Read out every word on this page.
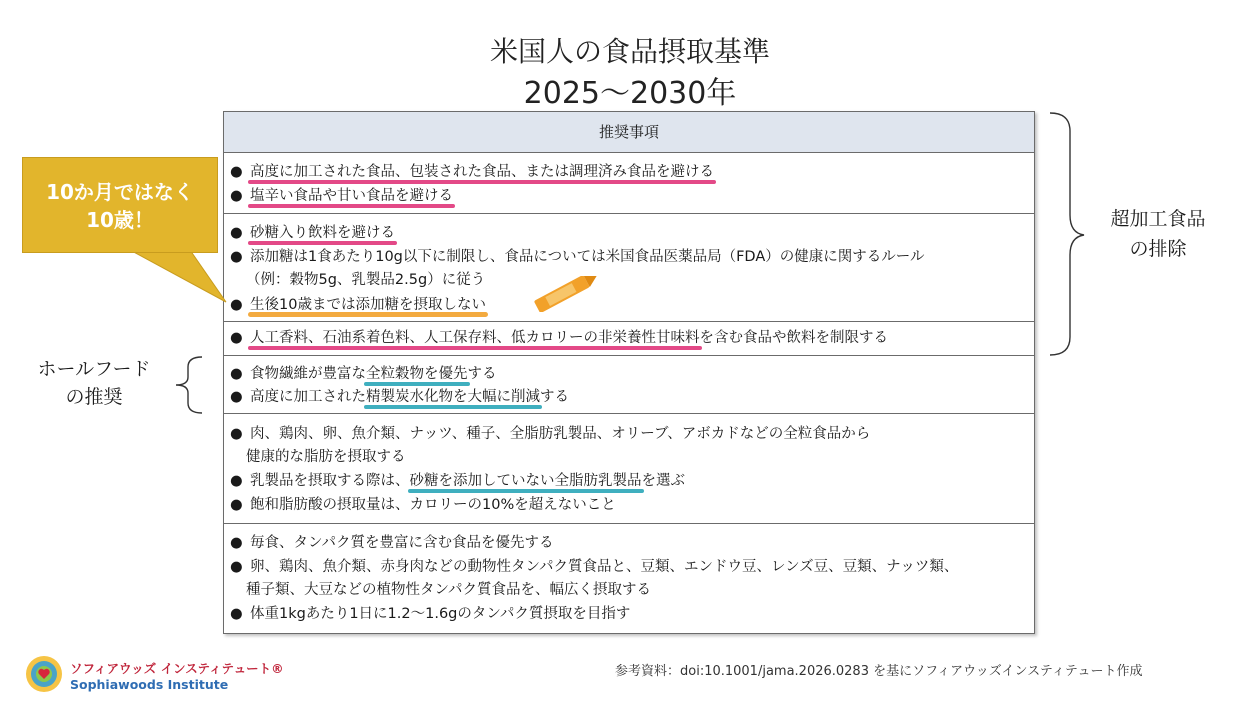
米国人の食品摂取基準
2025～2030年
推奨事項
● 高度に加工された食品、包装された食品、または調理済み食品を避ける
● 塩辛い食品や甘い食品を避ける
● 砂糖入り飲料を避ける
● 添加糖は1食あたり10g以下に制限し、食品については米国食品医薬品局（FDA）の健康に関するルール
（例：穀物5g、乳製品2.5g）に従う
● 生後10歳までは添加糖を摂取しない
● 人工香料、石油系着色料、人工保存料、低カロリーの非栄養性甘味料を含む食品や飲料を制限する
● 食物繊維が豊富な全粒穀物を優先する
● 高度に加工された精製炭水化物を大幅に削減する
● 肉、鶏肉、卵、魚介類、ナッツ、種子、全脂肪乳製品、オリーブ、アボカドなどの全粒食品から
健康的な脂肪を摂取する
● 乳製品を摂取する際は、砂糖を添加していない全脂肪乳製品を選ぶ
● 飽和脂肪酸の摂取量は、カロリーの10%を超えないこと
● 毎食、タンパク質を豊富に含む食品を優先する
● 卵、鶏肉、魚介類、赤身肉などの動物性タンパク質食品と、豆類、エンドウ豆、レンズ豆、豆類、ナッツ類、
種子類、大豆などの植物性タンパク質食品を、幅広く摂取する
● 体重1kgあたり1日に1.2～1.6gのタンパク質摂取を目指す
超加工食品
の排除
ホールフード
の推奨
10か月ではなく
10歳！
ソフィアウッズ インスティテュート®
Sophiawoods Institute
参考資料：doi:10.1001/jama.2026.0283 を基にソフィアウッズインスティテュート作成
